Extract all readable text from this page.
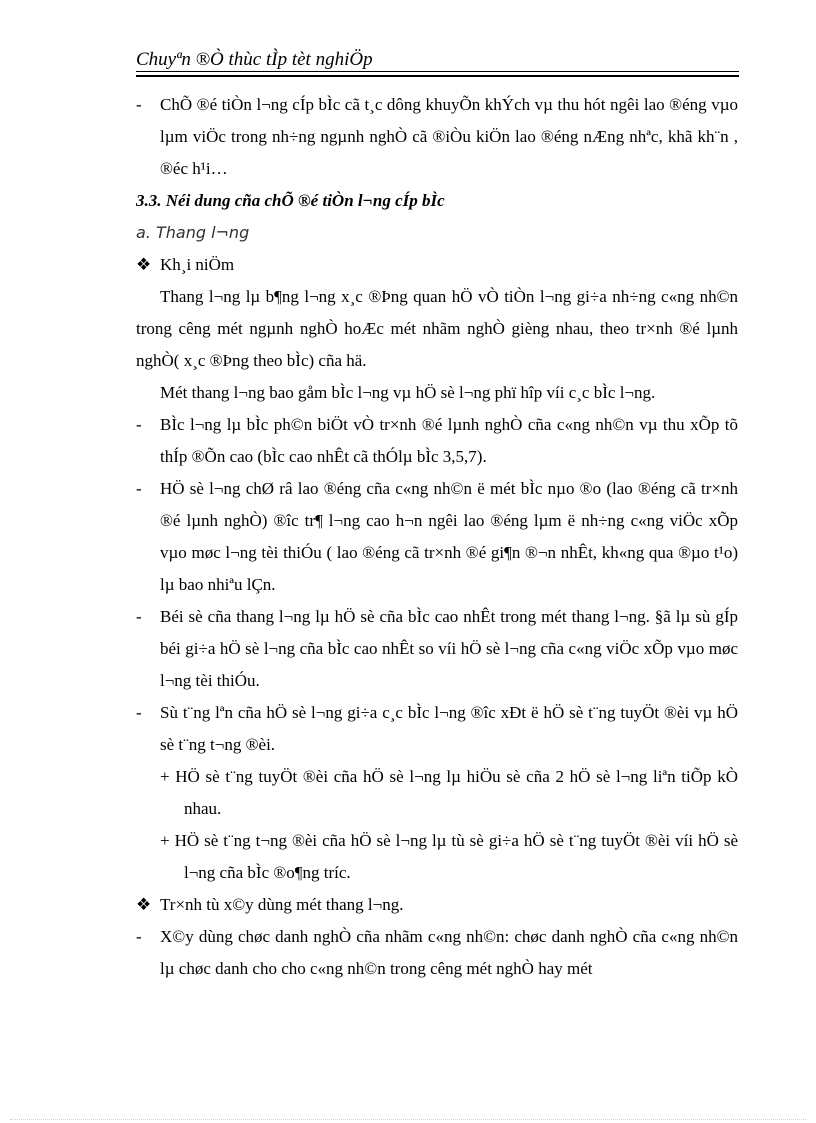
Chuyªn ®Ò thùc tÌp tèt nghiÖp
- ChÕ ®é tiÒn l¬ng cÍp bÌc cã t¸c dông khuyÕn khÝch vµ thu hót ngêi lao ®éng vµo lµm viÖc trong nh÷ng ngµnh nghÒ cã ®iÒu kiÖn lao ®éng nÆng nhªc, khã kh¨n , ®éc h¹i…
3.3. Néi dung cña chÕ ®é tiÒn l¬ng cÍp bÌc
a. Thang l¬ng
❖ Kh¸i niÖm
Thang l¬ng lµ b¶ng l¬ng x¸c ®Þng quan hÖ vÒ tiÒn l¬ng gi÷a nh÷ng c«ng nh©n trong cêng mét ngµnh nghÒ hoÆc mét nhãm nghÒ gièng nhau, theo tr×nh ®é lµnh nghÒ( x¸c ®Þng theo bÌc) cña hä.
Mét thang l¬ng bao gåm bÌc l¬ng vµ hÖ sè l¬ng phï hîp víi c¸c bÌc l¬ng.
- BÌc l¬ng lµ bÌc ph©n biÖt vÒ tr×nh ®é lµnh nghÒ cña c«ng nh©n vµ thu xÕp tõ thÍp ®Õn cao (bÌc cao nhÊt cã thÓlµ bÌc 3,5,7).
- HÖ sè l¬ng chØ râ lao ®éng cña c«ng nh©n ë mét bÌc nµo ®o (lao ®éng cã tr×nh ®é lµnh nghÒ) ®îc tr¶ l¬ng cao h¬n ngêi lao ®éng lµm ë nh÷ng c«ng viÖc xÕp vµo møc l¬ng tèi thiÓu ( lao ®éng cã tr×nh ®é gi¶n ®¬n nhÊt, kh«ng qua ®µo t¹o) lµ bao nhiªu lÇn.
- Béi sè cña thang l¬ng lµ hÖ sè cña bÌc cao nhÊt trong mét thang l¬ng. §ã lµ sù gÍp béi gi÷a hÖ sè l¬ng cña bÌc cao nhÊt so víi hÖ sè l¬ng cña c«ng viÖc xÕp vµo møc l¬ng tèi thiÓu.
- Sù t¨ng lªn cña hÖ sè l¬ng gi÷a c¸c bÌc l¬ng ®îc xÐt ë hÖ sè t¨ng tuyÖt ®èi vµ hÖ sè t¨ng t¬ng ®èi.
+ HÖ sè t¨ng tuyÖt ®èi cña hÖ sè l¬ng lµ hiÖu sè cña 2 hÖ sè l¬ng liªn tiÕp kÒ nhau.
+ HÖ sè t¨ng t¬ng ®èi cña hÖ sè l¬ng lµ tù sè gi÷a hÖ sè t¨ng tuyÖt ®èi víi hÖ sè l¬ng cña bÌc ®o¶ng tríc.
❖ Tr×nh tù x©y dùng mét thang l¬ng.
- X©y dùng chøc danh nghÒ cña nhãm c«ng nh©n: chøc danh nghÒ cña c«ng nh©n lµ chøc danh cho cho c«ng nh©n trong cêng mét nghÒ hay mét
